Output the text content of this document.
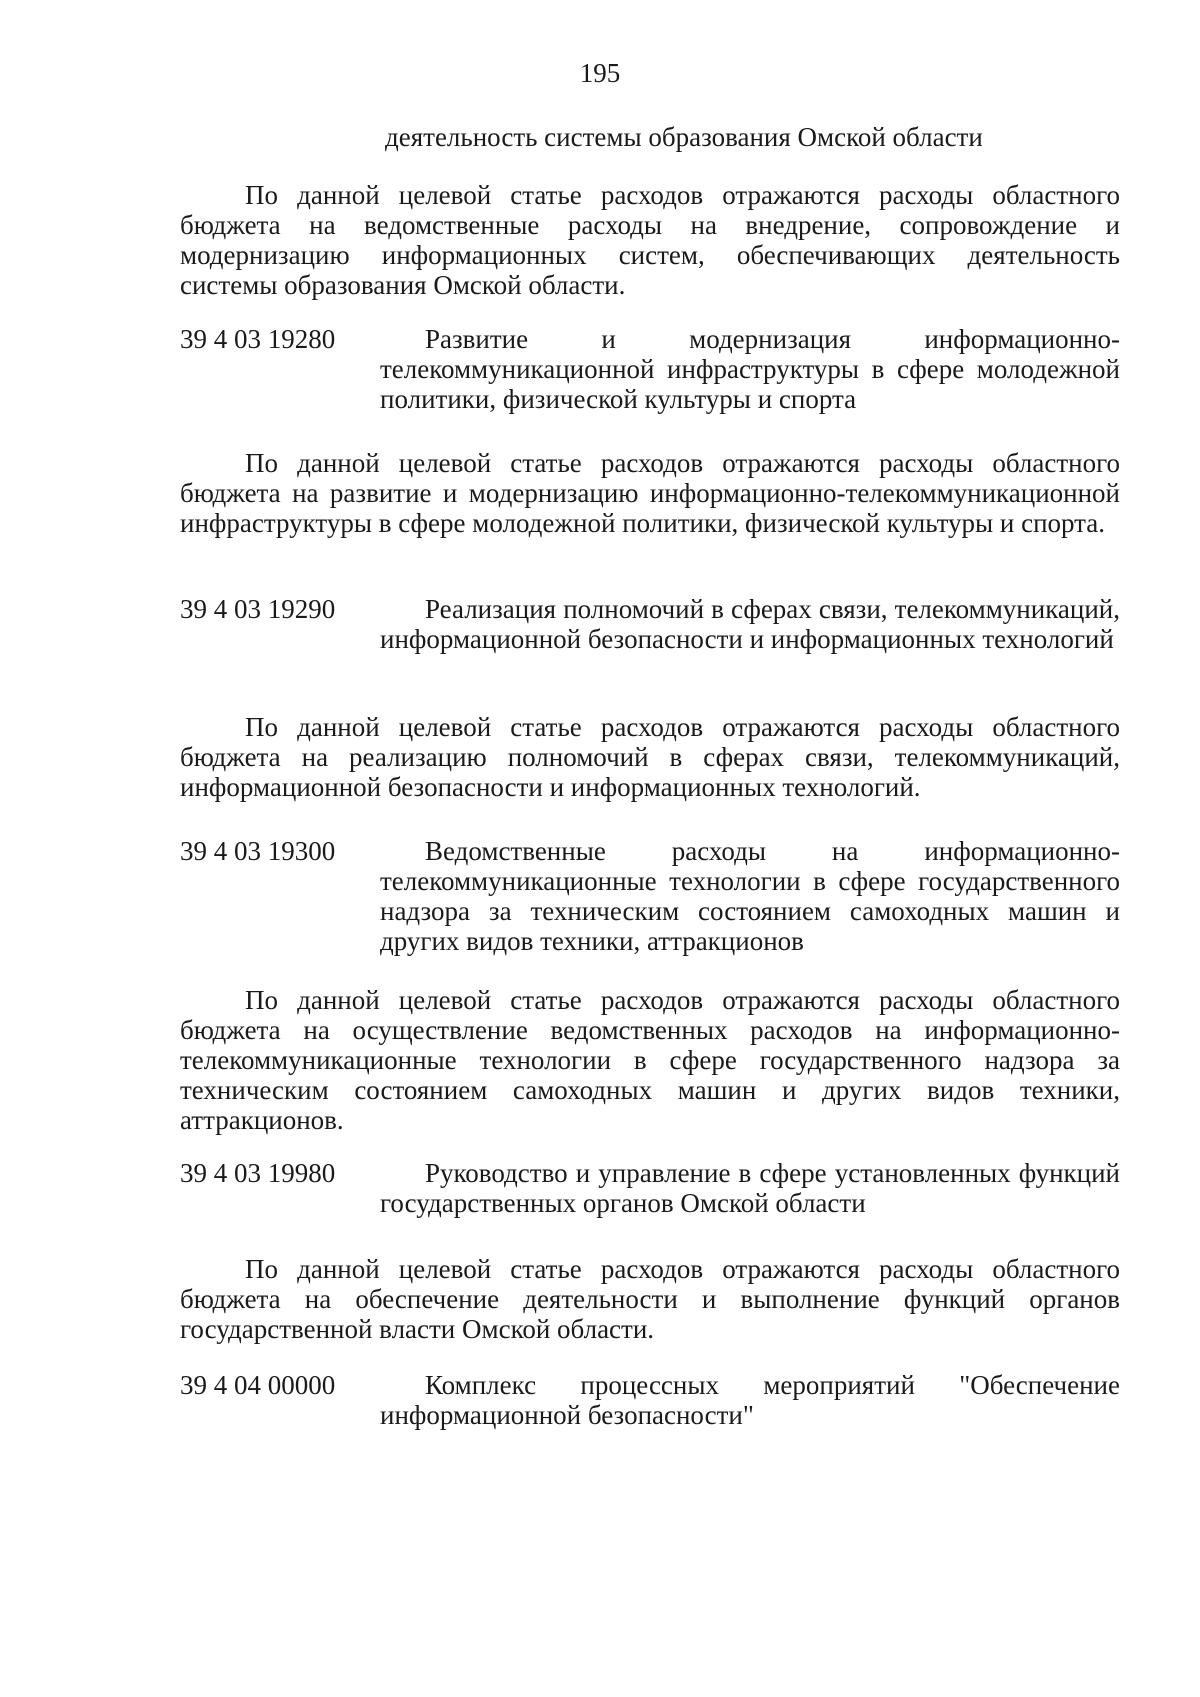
195
деятельность системы образования Омской области
По данной целевой статье расходов отражаются расходы областного бюджета на ведомственные расходы на внедрение, сопровождение и модернизацию информационных систем, обеспечивающих деятельность системы образования Омской области.
39 4 03 19280	Развитие и модернизация информационно-телекоммуникационной инфраструктуры в сфере молодежной политики, физической культуры и спорта
По данной целевой статье расходов отражаются расходы областного бюджета на развитие и модернизацию информационно-телекоммуникационной инфраструктуры в сфере молодежной политики, физической культуры и спорта.
39 4 03 19290	Реализация полномочий в сферах связи, телекоммуникаций, информационной безопасности и информационных технологий
По данной целевой статье расходов отражаются расходы областного бюджета на реализацию полномочий в сферах связи, телекоммуникаций, информационной безопасности и информационных технологий.
39 4 03 19300	Ведомственные расходы на информационно-телекоммуникационные технологии в сфере государственного надзора за техническим состоянием самоходных машин и других видов техники, аттракционов
По данной целевой статье расходов отражаются расходы областного бюджета на осуществление ведомственных расходов на информационно-телекоммуникационные технологии в сфере государственного надзора за техническим состоянием самоходных машин и других видов техники, аттракционов.
39 4 03 19980	Руководство и управление в сфере установленных функций государственных органов Омской области
По данной целевой статье расходов отражаются расходы областного бюджета на обеспечение деятельности и выполнение функций органов государственной власти Омской области.
39 4 04 00000	Комплекс процессных мероприятий "Обеспечение информационной безопасности"
